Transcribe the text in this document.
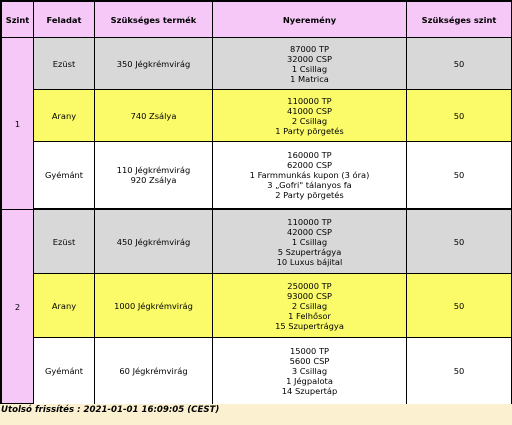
Szint	Feladat	Szükséges termék	Nyeremény	Szükséges szint
1	Ezüst	350 Jégkrémvirág	87000 TP
32000 CSP
1 Csillag
1 Matrica	50
	Arany	740 Zsálya	110000 TP
41000 CSP
2 Csillag
1 Party pörgetés	50
	Gyémánt	110 Jégkrémvirág
920 Zsálya	160000 TP
62000 CSP
1 Farmmunkás kupon (3 óra)
3 „Gofri" tálanyos fa
2 Party pörgetés	50
2	Ezüst	450 Jégkrémvirág	110000 TP
42000 CSP
1 Csillag
5 Szupertrágya
10 Luxus bájital	50
	Arany	1000 Jégkrémvirág	250000 TP
93000 CSP
2 Csillag
1 Felhősor
15 Szupertrágya	50
	Gyémánt	60 Jégkrémvirág	15000 TP
5600 CSP
3 Csillag
1 Jégpalota
14 Szupertáp	50
Utolsó frissítés : 2021-01-01 16:09:05 (CEST)
